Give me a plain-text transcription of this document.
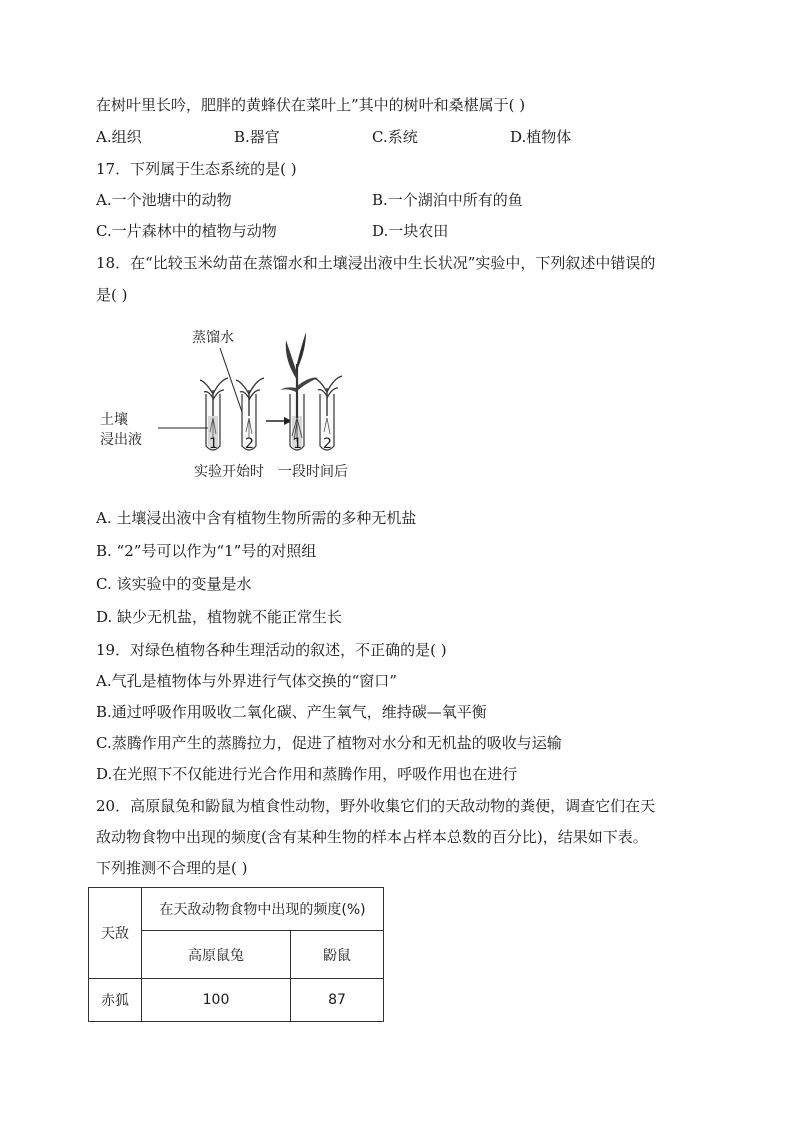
在树叶里长吟，肥胖的黄蜂伏在菜叶上”其中的树叶和桑椹属于( )
A.组织	B.器官	C.系统	D.植物体
17．下列属于生态系统的是( )
A.一个池塘中的动物	B.一个湖泊中所有的鱼
C.一片森林中的植物与动物	D.一块农田
18．在“比较玉米幼苗在蒸馏水和土壤浸出液中生长状况”实验中，下列叙述中错误的
是( )
蒸馏水
土壤
浸出液	1 2	1 2
实验开始时 一段时间后
A. 土壤浸出液中含有植物生物所需的多种无机盐
B. “2”号可以作为“1”号的对照组
C. 该实验中的变量是水
D. 缺少无机盐，植物就不能正常生长
19．对绿色植物各种生理活动的叙述，不正确的是( )
A.气孔是植物体与外界进行气体交换的“窗口”
B.通过呼吸作用吸收二氧化碳、产生氧气，维持碳—氧平衡
C.蒸腾作用产生的蒸腾拉力，促进了植物对水分和无机盐的吸收与运输
D.在光照下不仅能进行光合作用和蒸腾作用，呼吸作用也在进行
20．高原鼠兔和鼢鼠为植食性动物，野外收集它们的天敌动物的粪便，调查它们在天
敌动物食物中出现的频度(含有某种生物的样本占样本总数的百分比)，结果如下表。
下列推测不合理的是( )
天敌	在天敌动物食物中出现的频度(%)	
	高原鼠兔	鼢鼠
赤狐	100	87
